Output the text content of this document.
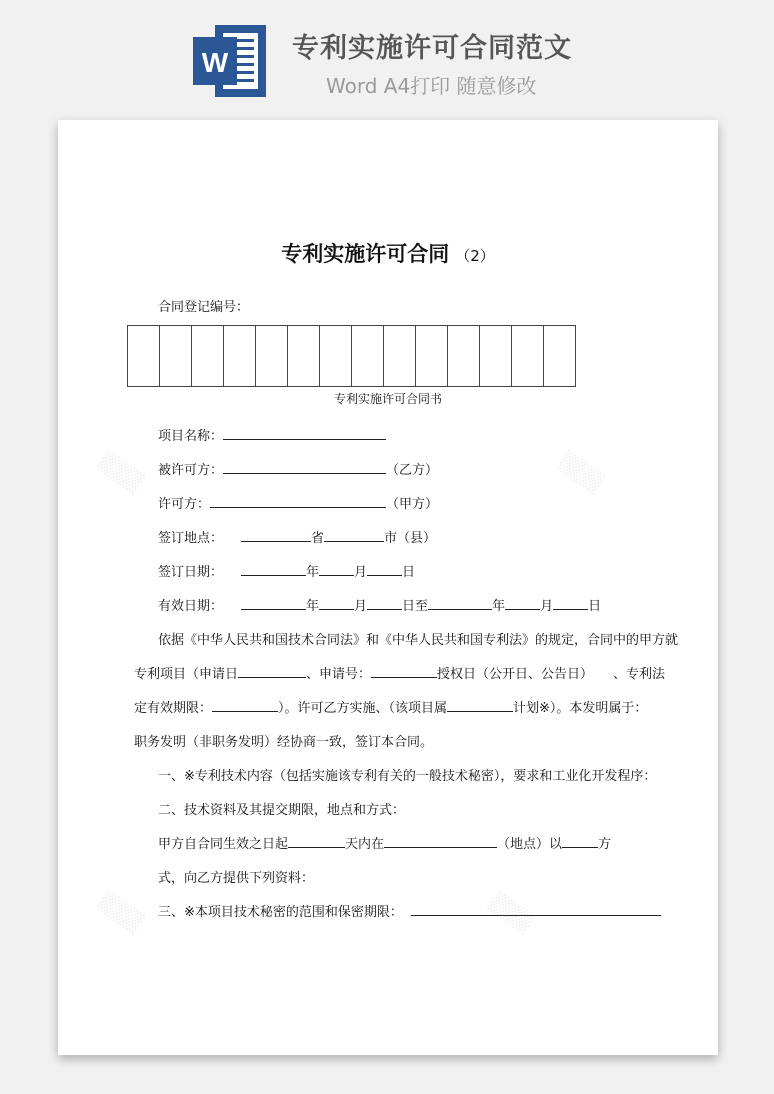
W 专利实施许可合同范文
Word A4打印 随意修改
专利实施许可合同 （2）
合同登记编号：
专利实施许可合同书
项目名称：
被许可方：	（乙方）
许可方：	（甲方）
签订地点：	省	市（县）
签订日期：	年	月	日
有效日期：	年	月	日至	年	月	日
依据《中华人民共和国技术合同法》和《中华人民共和国专利法》的规定，合同中的甲方就
专利项目（申请日	、申请号：	授权日（公开日、公告日） 、专利法
定有效期限：	）。许可乙方实施、（该项目属	计划※）。本发明属于：
职务发明（非职务发明）经协商一致，签订本合同。
一、※专利技术内容（包括实施该专利有关的一般技术秘密），要求和工业化开发程序：
二、技术资料及其提交期限，地点和方式：
甲方自合同生效之日起	天内在	（地点）以	方
式，向乙方提供下列资料：
三、※本项目技术秘密的范围和保密期限：
